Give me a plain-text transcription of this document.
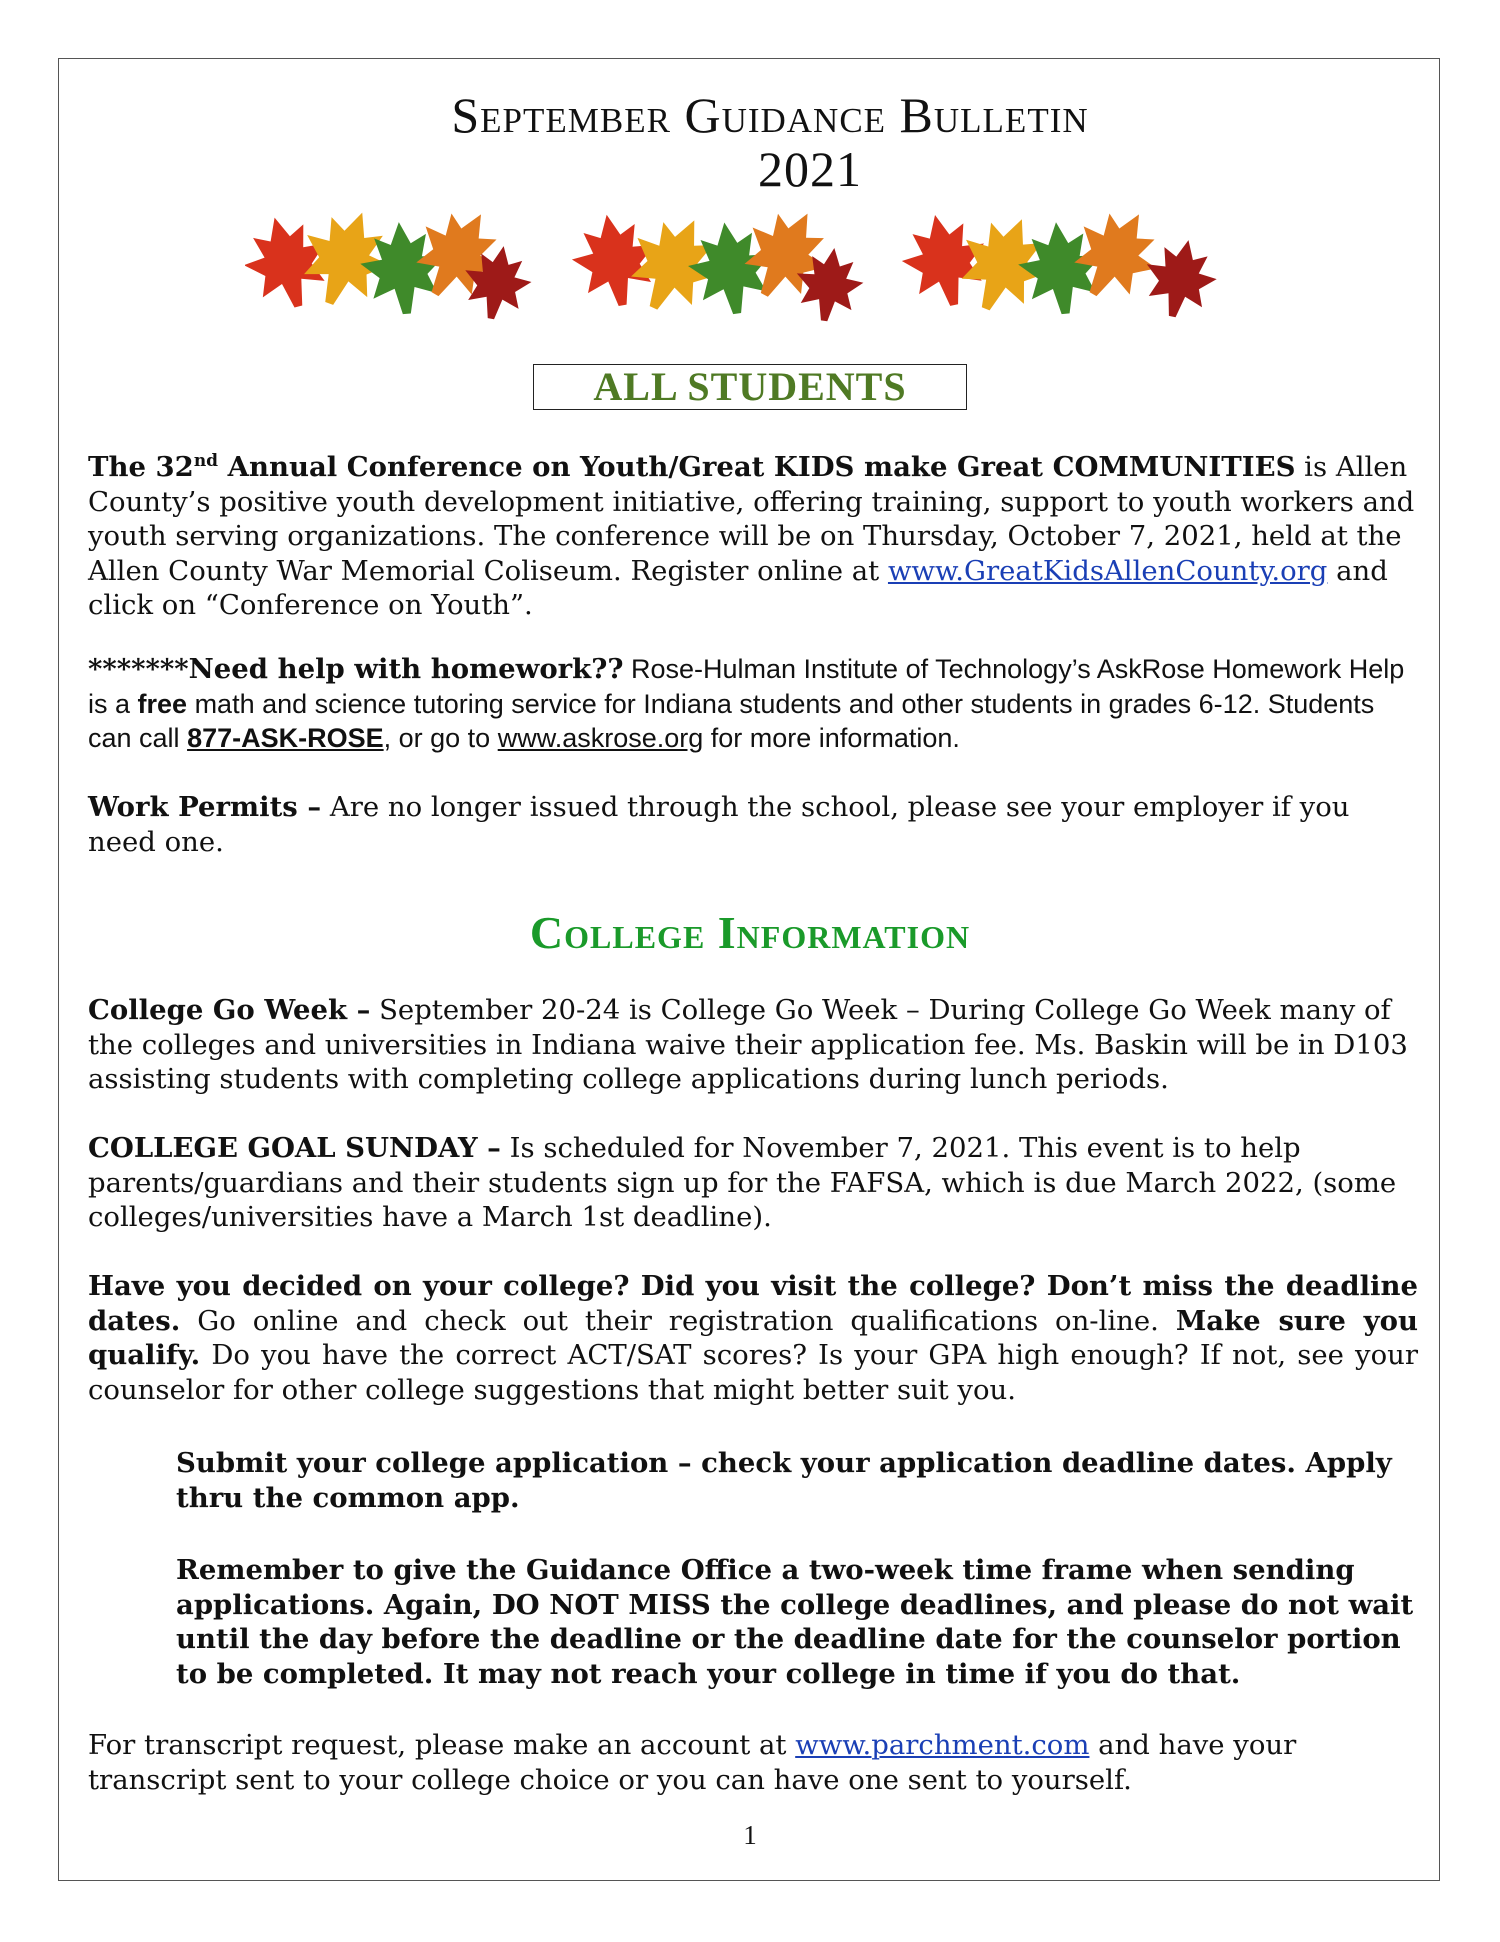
September Guidance Bulletin
2021
ALL STUDENTS
The 32nd Annual Conference on Youth/Great KIDS make Great COMMUNITIES is Allen County’s positive youth development initiative, offering training, support to youth workers and youth serving organizations. The conference will be on Thursday, October 7, 2021, held at the Allen County War Memorial Coliseum. Register online at www.GreatKidsAllenCounty.org and click on “Conference on Youth”.
*******Need help with homework?? Rose-Hulman Institute of Technology’s AskRose Homework Help is a free math and science tutoring service for Indiana students and other students in grades 6-12. Students can call 877-ASK-ROSE, or go to www.askrose.org for more information.
Work Permits – Are no longer issued through the school, please see your employer if you need one.
College Information
College Go Week – September 20-24 is College Go Week – During College Go Week many of the colleges and universities in Indiana waive their application fee. Ms. Baskin will be in D103 assisting students with completing college applications during lunch periods.
COLLEGE GOAL SUNDAY – Is scheduled for November 7, 2021. This event is to help parents/guardians and their students sign up for the FAFSA, which is due March 2022, (some colleges/universities have a March 1st deadline).
Have you decided on your college? Did you visit the college? Don’t miss the deadline dates. Go online and check out their registration qualifications on-line. Make sure you qualify. Do you have the correct ACT/SAT scores? Is your GPA high enough? If not, see your counselor for other college suggestions that might better suit you.
Submit your college application – check your application deadline dates. Apply thru the common app.
Remember to give the Guidance Office a two-week time frame when sending applications. Again, DO NOT MISS the college deadlines, and please do not wait until the day before the deadline or the deadline date for the counselor portion to be completed. It may not reach your college in time if you do that.
For transcript request, please make an account at www.parchment.com and have your transcript sent to your college choice or you can have one sent to yourself.
1
